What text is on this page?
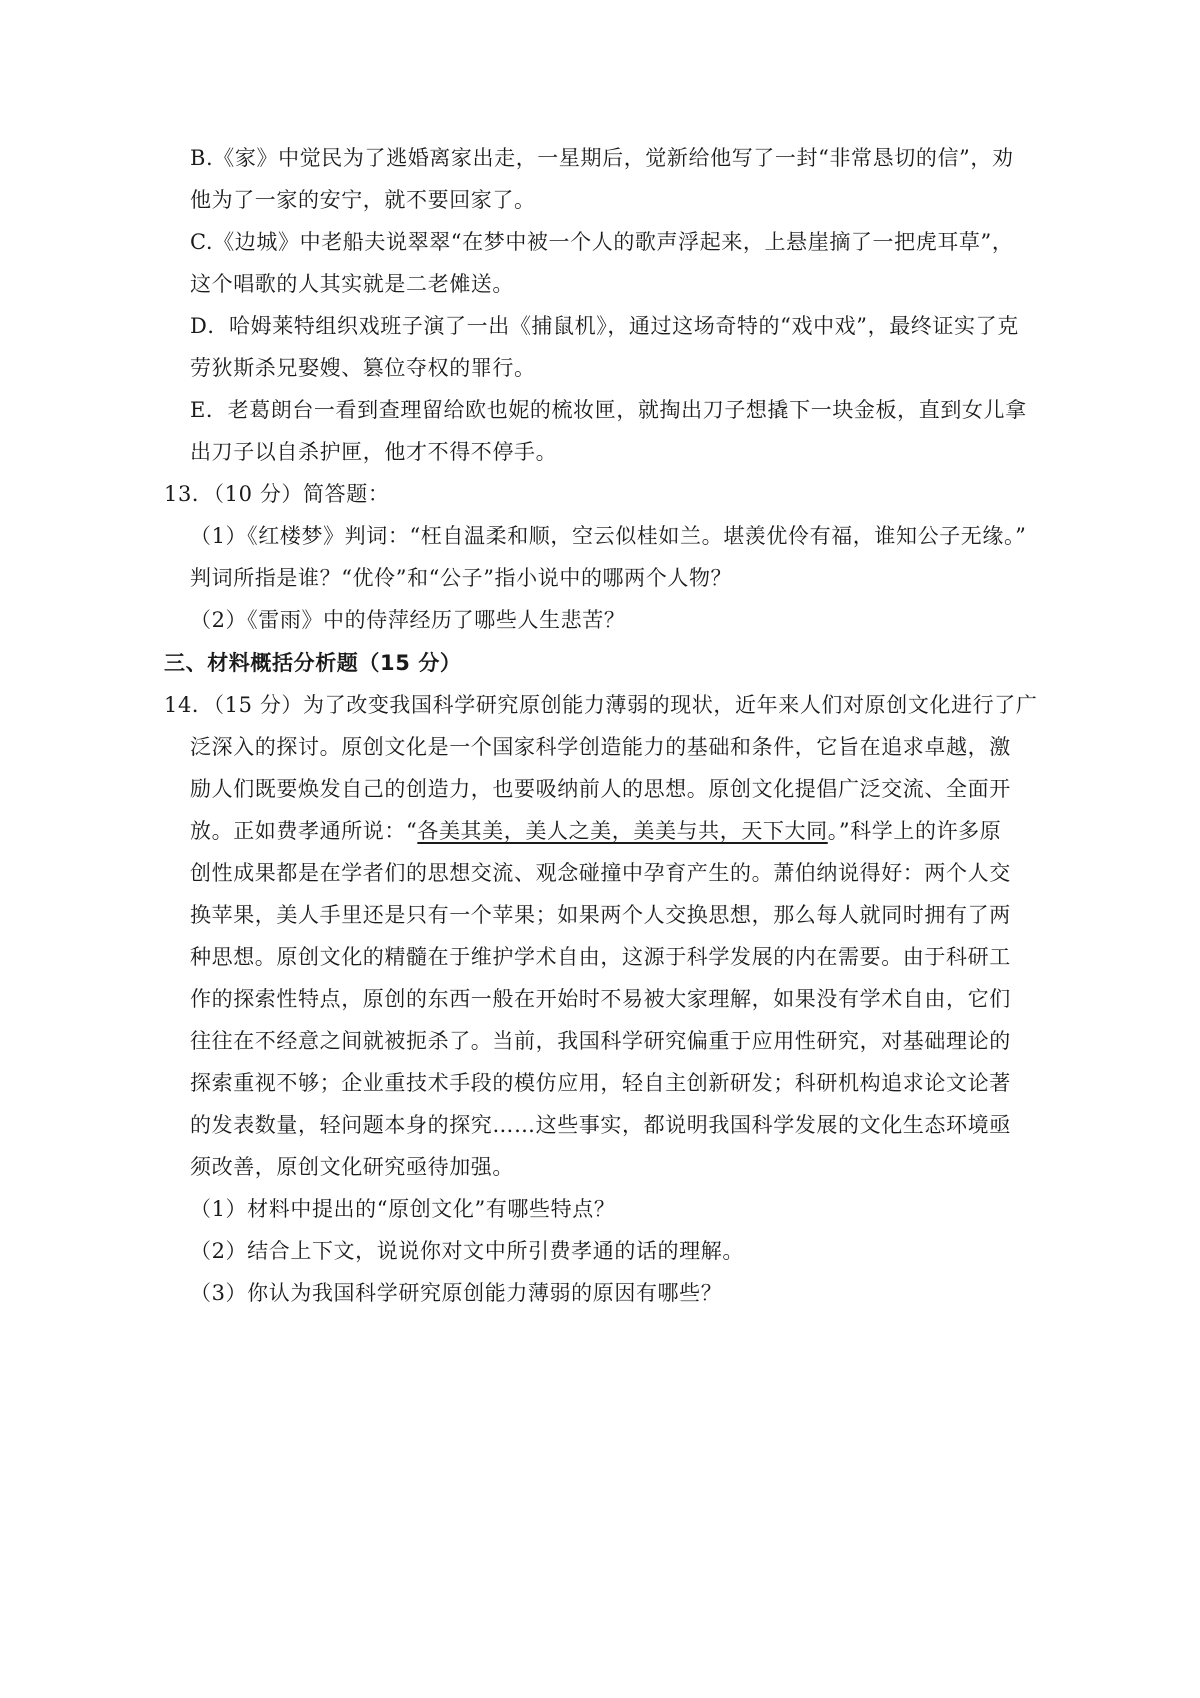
B.《家》中觉民为了逃婚离家出走，一星期后，觉新给他写了一封“非常恳切的信”，劝
他为了一家的安宁，就不要回家了。
C.《边城》中老船夫说翠翠“在梦中被一个人的歌声浮起来，上悬崖摘了一把虎耳草”，
这个唱歌的人其实就是二老傩送。
D．哈姆莱特组织戏班子演了一出《捕鼠机》，通过这场奇特的“戏中戏”，最终证实了克
劳狄斯杀兄娶嫂、篡位夺权的罪行。
E．老葛朗台一看到查理留给欧也妮的梳妆匣，就掏出刀子想撬下一块金板，直到女儿拿
出刀子以自杀护匣，他才不得不停手。
13．（10 分）简答题：
（1）《红楼梦》判词：“枉自温柔和顺，空云似桂如兰。堪羡优伶有福，谁知公子无缘。”
判词所指是谁？“优伶”和“公子”指小说中的哪两个人物？
（2）《雷雨》中的侍萍经历了哪些人生悲苦？
三、材料概括分析题（15 分）
14．（15 分）为了改变我国科学研究原创能力薄弱的现状，近年来人们对原创文化进行了广
泛深入的探讨。原创文化是一个国家科学创造能力的基础和条件，它旨在追求卓越，激
励人们既要焕发自己的创造力，也要吸纳前人的思想。原创文化提倡广泛交流、全面开
放。正如费孝通所说：“各美其美，美人之美，美美与共，天下大同。”科学上的许多原
创性成果都是在学者们的思想交流、观念碰撞中孕育产生的。萧伯纳说得好：两个人交
换苹果，美人手里还是只有一个苹果；如果两个人交换思想，那么每人就同时拥有了两
种思想。原创文化的精髓在于维护学术自由，这源于科学发展的内在需要。由于科研工
作的探索性特点，原创的东西一般在开始时不易被大家理解，如果没有学术自由，它们
往往在不经意之间就被扼杀了。当前，我国科学研究偏重于应用性研究，对基础理论的
探索重视不够；企业重技术手段的模仿应用，轻自主创新研发；科研机构追求论文论著
的发表数量，轻问题本身的探究……这些事实，都说明我国科学发展的文化生态环境亟
须改善，原创文化研究亟待加强。
（1）材料中提出的“原创文化”有哪些特点？
（2）结合上下文，说说你对文中所引费孝通的话的理解。
（3）你认为我国科学研究原创能力薄弱的原因有哪些？
